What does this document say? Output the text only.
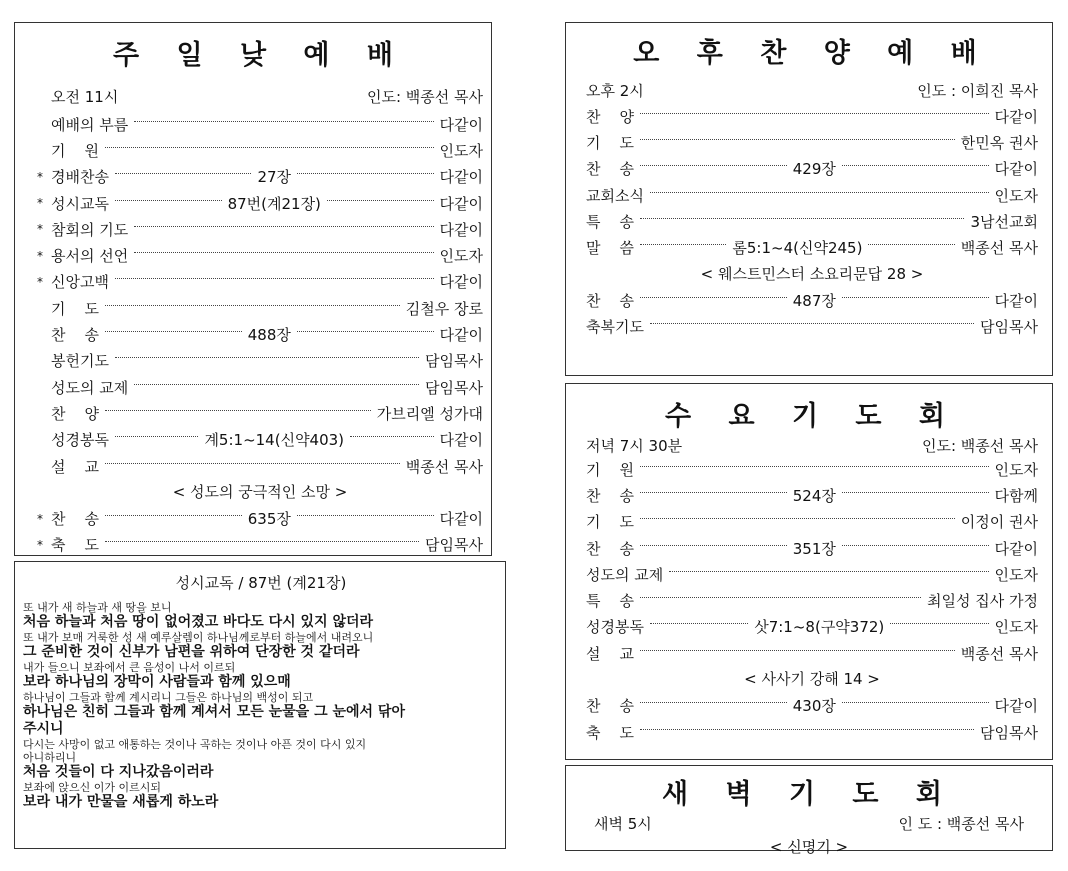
주 일 낮 예 배
오전 11시	인도: 백종선 목사
예배의 부름	다같이
기    원	인도자
* 경배찬송	27장	다같이
* 성시교독	87번(계21장)	다같이
* 참회의 기도	다같이
* 용서의 선언	인도자
* 신앙고백	다같이
기    도	김철우 장로
찬    송	488장	다같이
봉헌기도	담임목사
성도의 교제	담임목사
찬    양	가브리엘 성가대
성경봉독	계5:1~14(신약403)	다같이
설    교	백종선 목사
< 성도의 궁극적인 소망 >
* 찬    송	635장	다같이
* 축    도	담임목사
성시교독 / 87번 (계21장)
또 내가 새 하늘과 새 땅을 보니
처음 하늘과 처음 땅이 없어졌고 바다도 다시 있지 않더라
또 내가 보매 거룩한 성 새 예루살렘이 하나님께로부터 하늘에서 내려오니
그 준비한 것이 신부가 남편을 위하여 단장한 것 같더라
내가 들으니 보좌에서 큰 음성이 나서 이르되
보라 하나님의 장막이 사람들과 함께 있으매
하나님이 그들과 함께 계시리니 그들은 하나님의 백성이 되고
하나님은 친히 그들과 함께 계셔서 모든 눈물을 그 눈에서 닦아
주시니
다시는 사망이 없고 애통하는 것이나 곡하는 것이나 아픈 것이 다시 있지
아니하리니
처음 것들이 다 지나갔음이러라
보좌에 앉으신 이가 이르시되
보라 내가 만물을 새롭게 하노라
오 후 찬 양 예 배
오후 2시	인도 : 이희진 목사
찬    양	다같이
기    도	한민옥 권사
찬    송	429장	다같이
교회소식	인도자
특    송	3남선교회
말    씀	롬5:1~4(신약245)	백종선 목사
< 웨스트민스터 소요리문답 28 >
찬    송	487장	다같이
축복기도	담임목사
수 요 기 도 회
저녁 7시 30분	인도: 백종선 목사
기    원	인도자
찬    송	524장	다함께
기    도	이정이 권사
찬    송	351장	다같이
성도의 교제	인도자
특    송	최일성 집사 가정
성경봉독	삿7:1~8(구약372)	인도자
설    교	백종선 목사
< 사사기 강해 14 >
찬    송	430장	다같이
축    도	담임목사
새 벽 기 도 회
새벽 5시	인 도 : 백종선 목사
< 신명기 >
